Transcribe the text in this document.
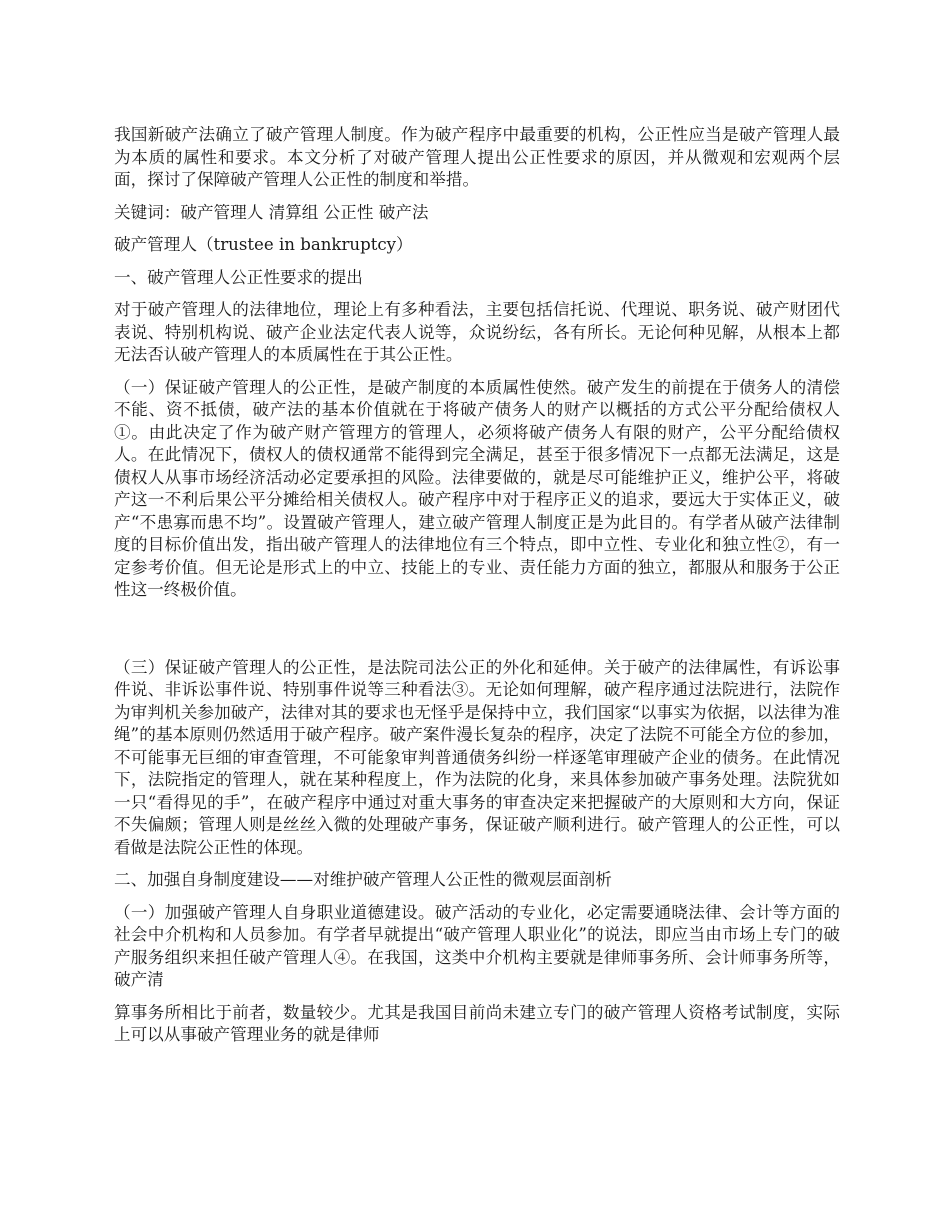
我国新破产法确立了破产管理人制度。作为破产程序中最重要的机构，公正性应当是破产管理人最为本质的属性和要求。本文分析了对破产管理人提出公正性要求的原因，并从微观和宏观两个层面，探讨了保障破产管理人公正性的制度和举措。

关键词：破产管理人 清算组 公正性 破产法

破产管理人（trustee in bankruptcy）

一、破产管理人公正性要求的提出

对于破产管理人的法律地位，理论上有多种看法，主要包括信托说、代理说、职务说、破产财团代表说、特别机构说、破产企业法定代表人说等，众说纷纭，各有所长。无论何种见解，从根本上都无法否认破产管理人的本质属性在于其公正性。

（一）保证破产管理人的公正性，是破产制度的本质属性使然。破产发生的前提在于债务人的清偿不能、资不抵债，破产法的基本价值就在于将破产债务人的财产以概括的方式公平分配给债权人①。由此决定了作为破产财产管理方的管理人，必须将破产债务人有限的财产，公平分配给债权人。在此情况下，债权人的债权通常不能得到完全满足，甚至于很多情况下一点都无法满足，这是债权人从事市场经济活动必定要承担的风险。法律要做的，就是尽可能维护正义，维护公平，将破产这一不利后果公平分摊给相关债权人。破产程序中对于程序正义的追求，要远大于实体正义，破产“不患寡而患不均”。设置破产管理人，建立破产管理人制度正是为此目的。有学者从破产法律制度的目标价值出发，指出破产管理人的法律地位有三个特点，即中立性、专业化和独立性②，有一定参考价值。但无论是形式上的中立、技能上的专业、责任能力方面的独立，都服从和服务于公正性这一终极价值。

（三）保证破产管理人的公正性，是法院司法公正的外化和延伸。关于破产的法律属性，有诉讼事件说、非诉讼事件说、特别事件说等三种看法③。无论如何理解，破产程序通过法院进行，法院作为审判机关参加破产，法律对其的要求也无怪乎是保持中立，我们国家“以事实为依据，以法律为准绳”的基本原则仍然适用于破产程序。破产案件漫长复杂的程序，决定了法院不可能全方位的参加，不可能事无巨细的审查管理，不可能象审判普通债务纠纷一样逐笔审理破产企业的债务。在此情况下，法院指定的管理人，就在某种程度上，作为法院的化身，来具体参加破产事务处理。法院犹如一只“看得见的手”，在破产程序中通过对重大事务的审查决定来把握破产的大原则和大方向，保证不失偏颇；管理人则是丝丝入微的处理破产事务，保证破产顺利进行。破产管理人的公正性，可以看做是法院公正性的体现。

二、加强自身制度建设——对维护破产管理人公正性的微观层面剖析

（一）加强破产管理人自身职业道德建设。破产活动的专业化，必定需要通晓法律、会计等方面的社会中介机构和人员参加。有学者早就提出“破产管理人职业化”的说法，即应当由市场上专门的破产服务组织来担任破产管理人④。在我国，这类中介机构主要就是律师事务所、会计师事务所等，破产清

算事务所相比于前者，数量较少。尤其是我国目前尚未建立专门的破产管理人资格考试制度，实际上可以从事破产管理业务的就是律师
